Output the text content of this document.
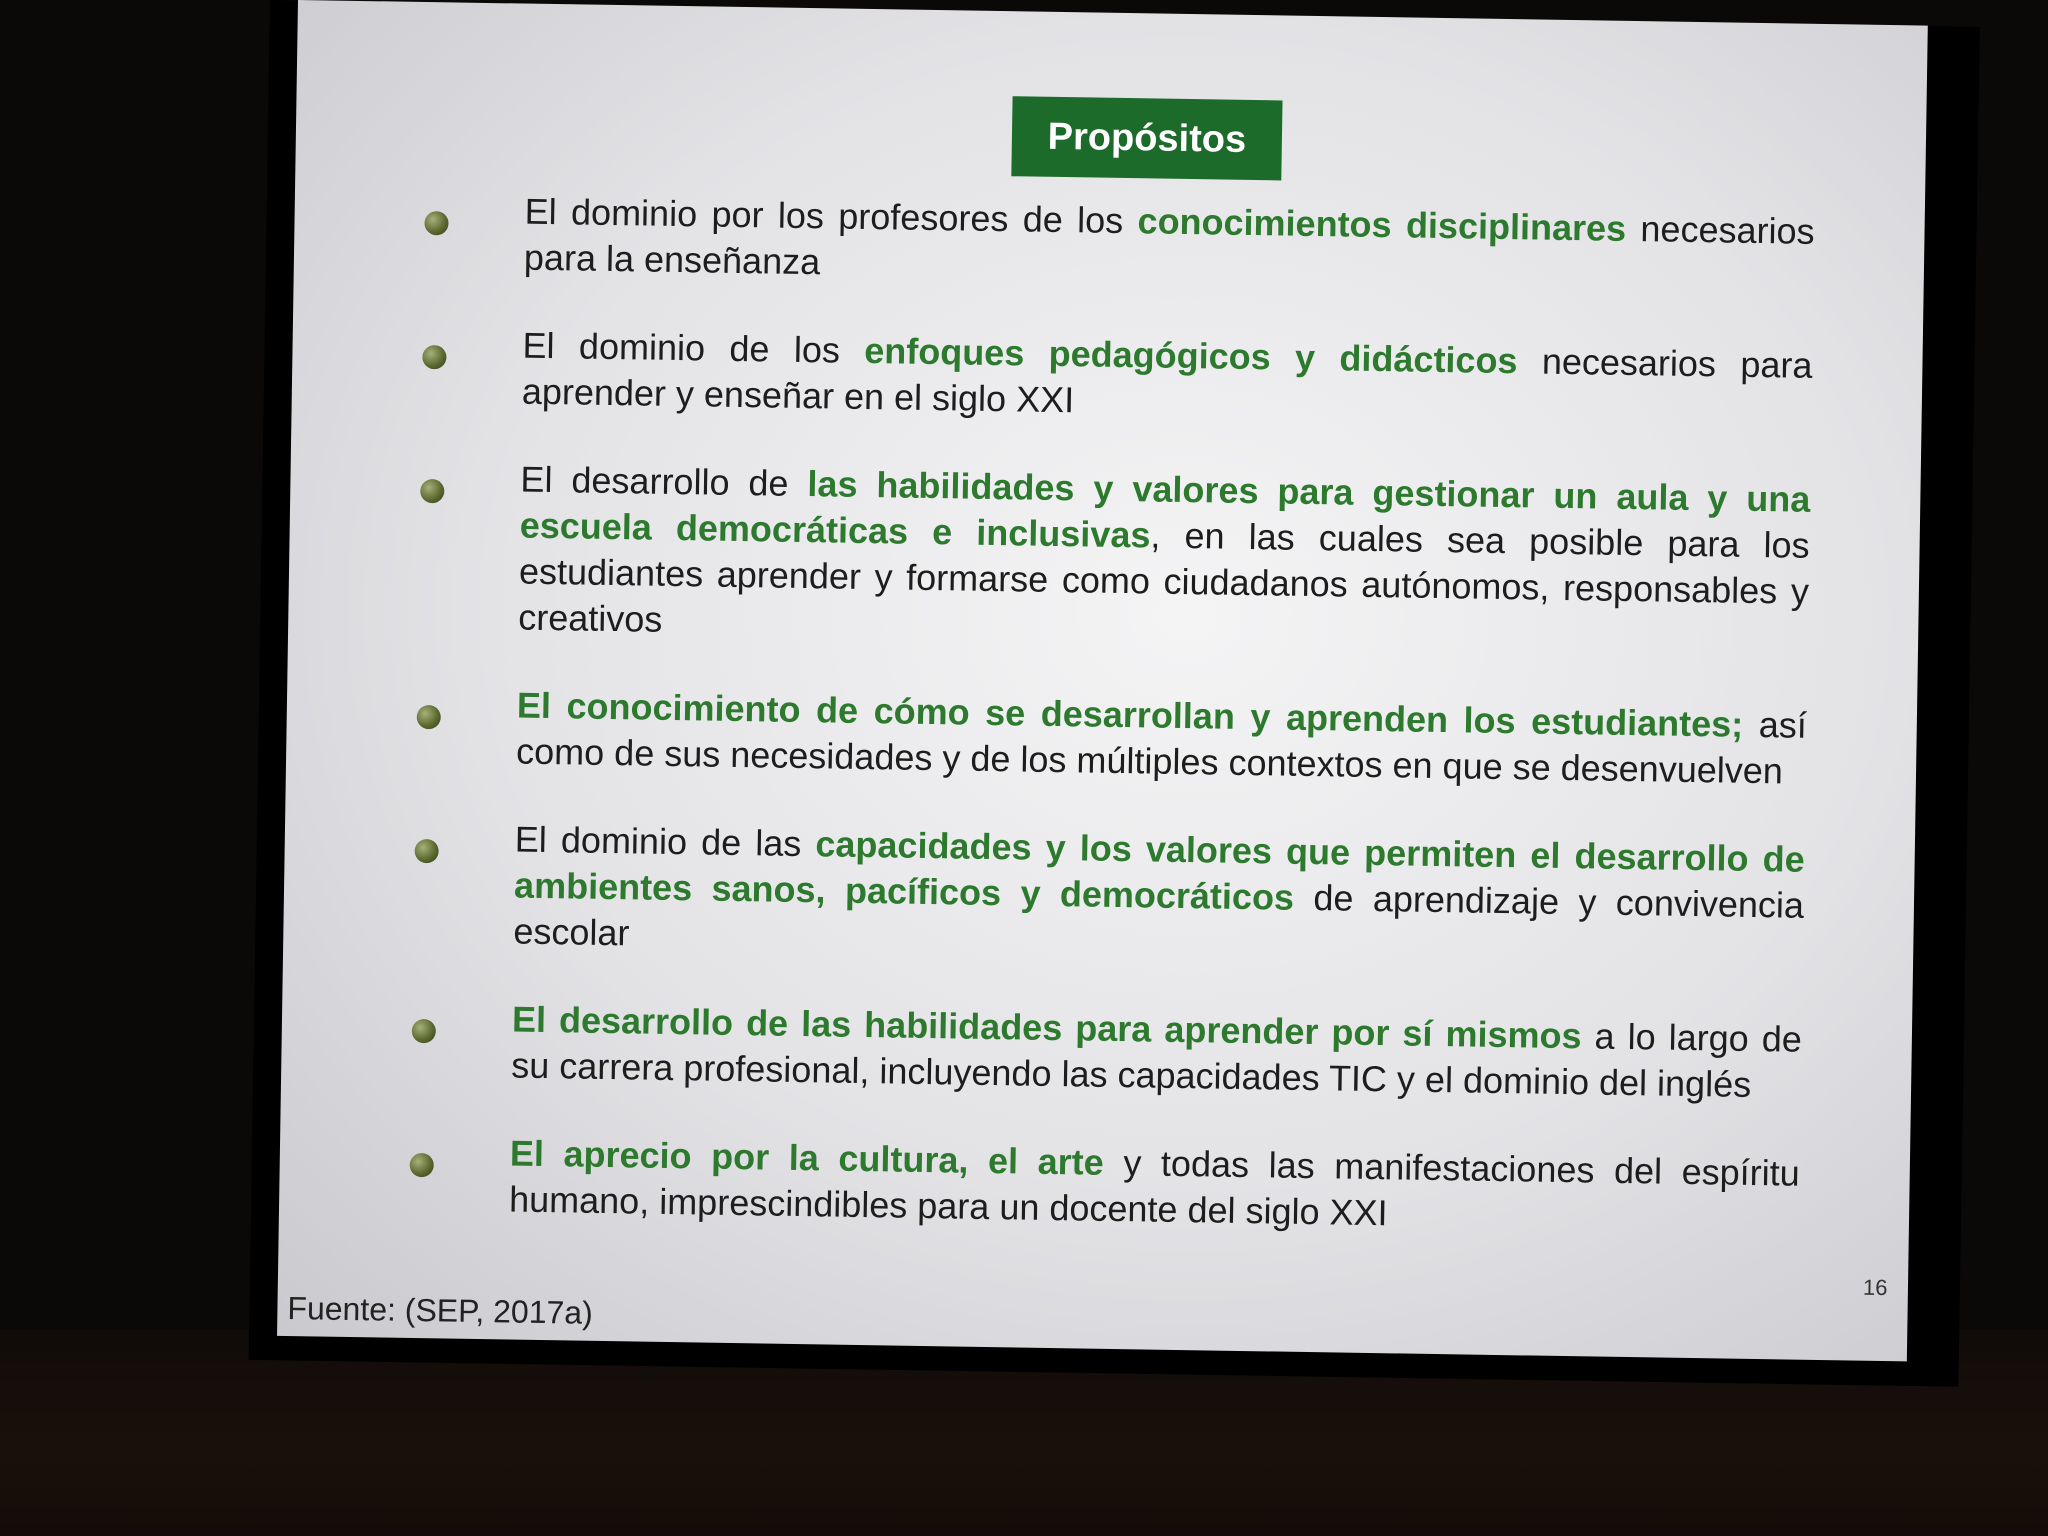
Propósitos
El dominio por los profesores de los conocimientos disciplinares necesarios para la enseñanza
El dominio de los enfoques pedagógicos y didácticos necesarios para aprender y enseñar en el siglo XXI
El desarrollo de las habilidades y valores para gestionar un aula y una escuela democráticas e inclusivas, en las cuales sea posible para los estudiantes aprender y formarse como ciudadanos autónomos, responsables y creativos
El conocimiento de cómo se desarrollan y aprenden los estudiantes; así como de sus necesidades y de los múltiples contextos en que se desenvuelven
El dominio de las capacidades y los valores que permiten el desarrollo de ambientes sanos, pacíficos y democráticos de aprendizaje y convivencia escolar
El desarrollo de las habilidades para aprender por sí mismos a lo largo de su carrera profesional, incluyendo las capacidades TIC y el dominio del inglés
El aprecio por la cultura, el arte y todas las manifestaciones del espíritu humano, imprescindibles para un docente del siglo XXI
Fuente: (SEP, 2017a)
16
